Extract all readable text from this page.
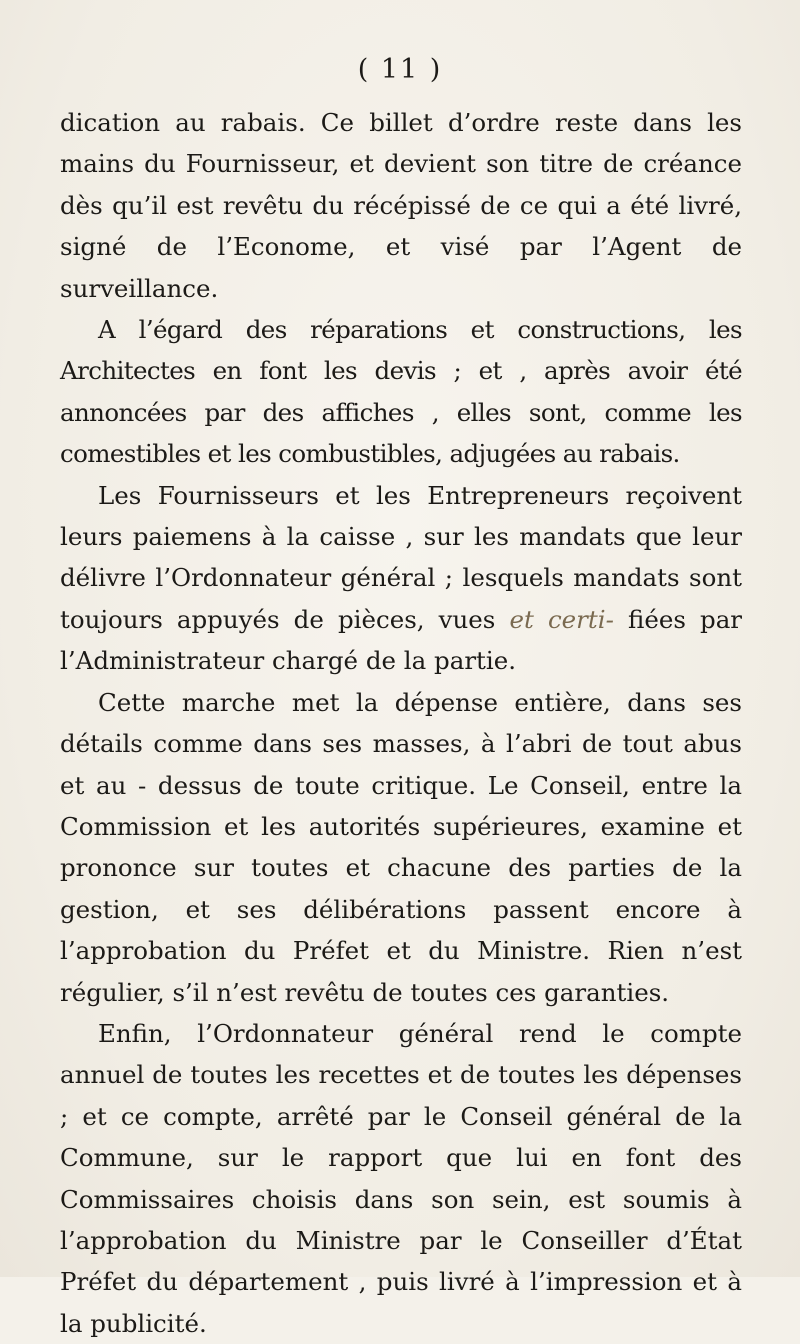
( 11 )

dication au rabais. Ce billet d’ordre reste dans les mains du Fournisseur, et devient son titre de créance dès qu’il est revêtu du récépissé de ce qui a été livré, signé de l’Econome, et visé par l’Agent de surveillance.

A l’égard des réparations et constructions, les Architectes en font les devis ; et , après avoir été annoncées par des affiches , elles sont, comme les comestibles et les combustibles, adjugées au rabais.

Les Fournisseurs et les Entrepreneurs reçoivent leurs paiemens à la caisse , sur les mandats que leur délivre l’Ordonnateur général ; lesquels mandats sont toujours appuyés de pièces, vues et certi- fiées par l’Administrateur chargé de la partie.

Cette marche met la dépense entière, dans ses détails comme dans ses masses, à l’abri de tout abus et au - dessus de toute critique. Le Conseil, entre la Commission et les autorités supérieures, examine et prononce sur toutes et chacune des parties de la gestion, et ses délibérations passent encore à l’approbation du Préfet et du Ministre. Rien n’est régulier, s’il n’est revêtu de toutes ces garanties.

Enfin, l’Ordonnateur général rend le compte annuel de toutes les recettes et de toutes les dépenses ; et ce compte, arrêté par le Conseil général de la Commune, sur le rapport que lui en font des Commissaires choisis dans son sein, est soumis à l’approbation du Ministre par le Conseiller d’État Préfet du département , puis livré à l’impression et à la publicité.
